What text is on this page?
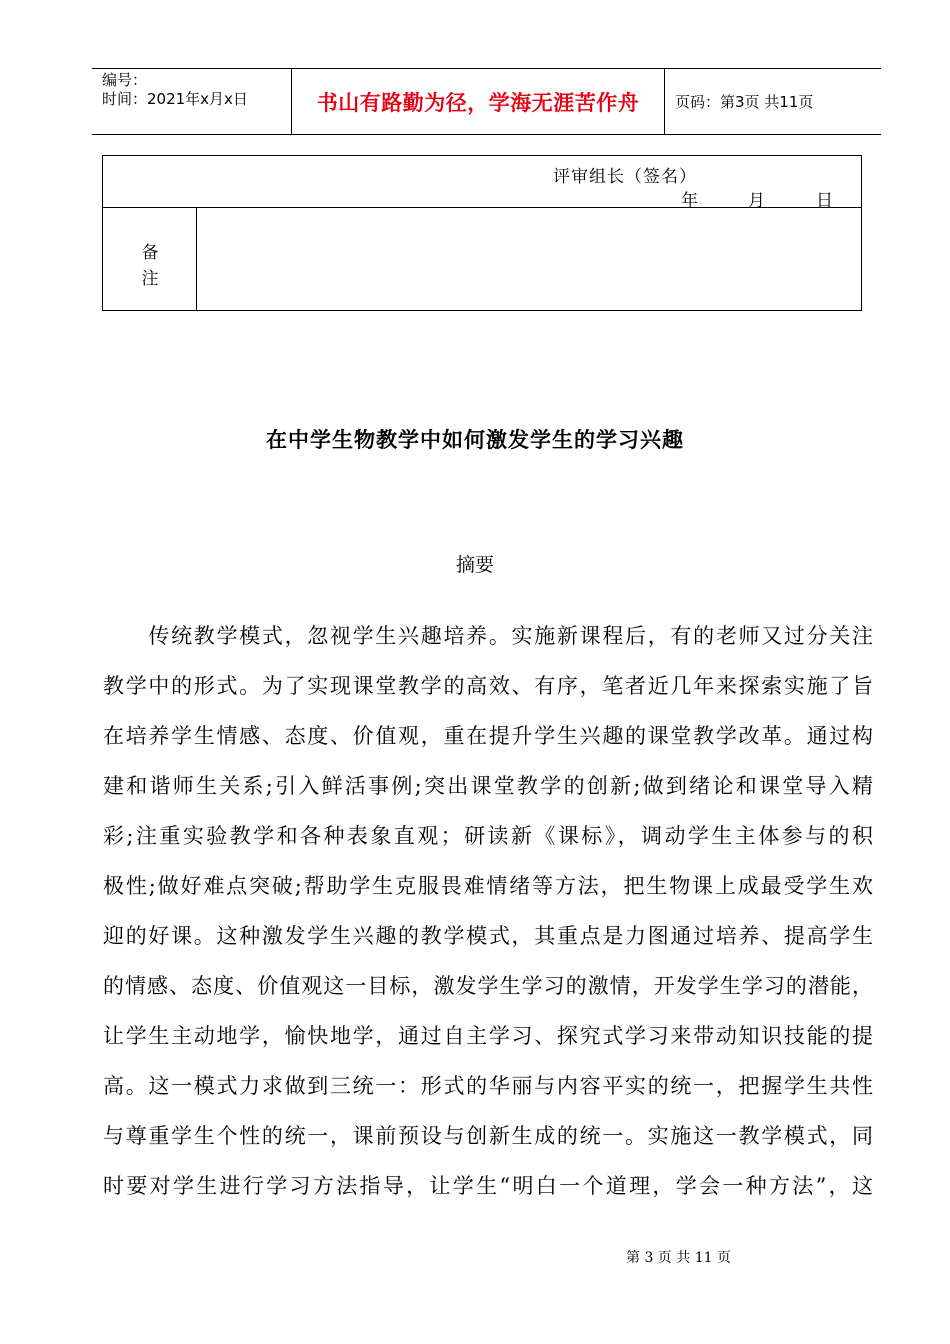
编号：
时间：2021年x月x日	书山有路勤为径，学海无涯苦作舟	页码：第3页 共11页
评审组长（签名）
年	月	日
备
注
在中学生物教学中如何激发学生的学习兴趣
摘要
　　传统教学模式，忽视学生兴趣培养。实施新课程后，有的老师又过分关注
教学中的形式。为了实现课堂教学的高效、有序，笔者近几年来探索实施了旨
在培养学生情感、态度、价值观，重在提升学生兴趣的课堂教学改革。通过构
建和谐师生关系;引入鲜活事例;突出课堂教学的创新;做到绪论和课堂导入精
彩;注重实验教学和各种表象直观；研读新《课标》，调动学生主体参与的积
极性;做好难点突破;帮助学生克服畏难情绪等方法，把生物课上成最受学生欢
迎的好课。这种激发学生兴趣的教学模式，其重点是力图通过培养、提高学生
的情感、态度、价值观这一目标，激发学生学习的激情，开发学生学习的潜能，
让学生主动地学，愉快地学，通过自主学习、探究式学习来带动知识技能的提
高。这一模式力求做到三统一：形式的华丽与内容平实的统一，把握学生共性
与尊重学生个性的统一，课前预设与创新生成的统一。实施这一教学模式，同
时要对学生进行学习方法指导，让学生“明白一个道理，学会一种方法”，这
第 3 页 共 11 页
